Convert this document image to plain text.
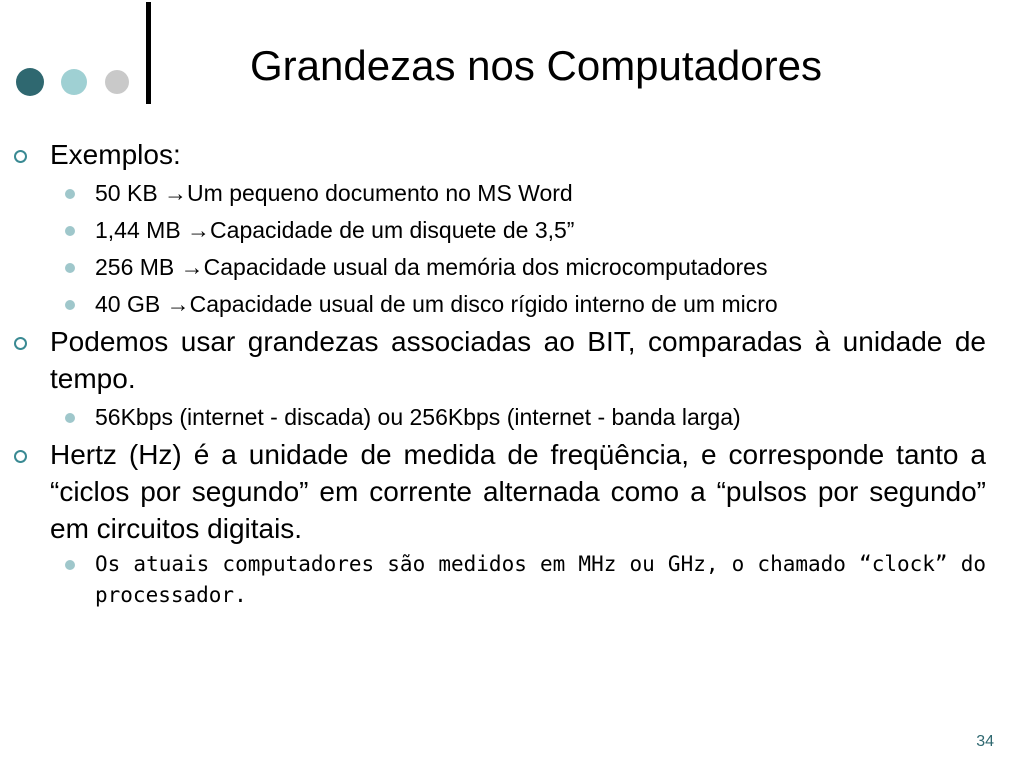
Grandezas nos Computadores
Exemplos:
50 KB →Um pequeno documento no MS Word
1,44 MB →Capacidade de um disquete de 3,5”
256 MB →Capacidade usual da memória dos microcomputadores
40 GB →Capacidade usual de um disco rígido interno de um micro
Podemos usar grandezas associadas ao BIT, comparadas à unidade de tempo.
56Kbps (internet - discada) ou 256Kbps (internet - banda larga)
Hertz (Hz) é a unidade de medida de freqüência, e corresponde tanto a “ciclos por segundo” em corrente alternada como a “pulsos por segundo” em circuitos digitais.
Os atuais computadores são medidos em MHz ou GHz, o chamado “clock” do processador.
34
